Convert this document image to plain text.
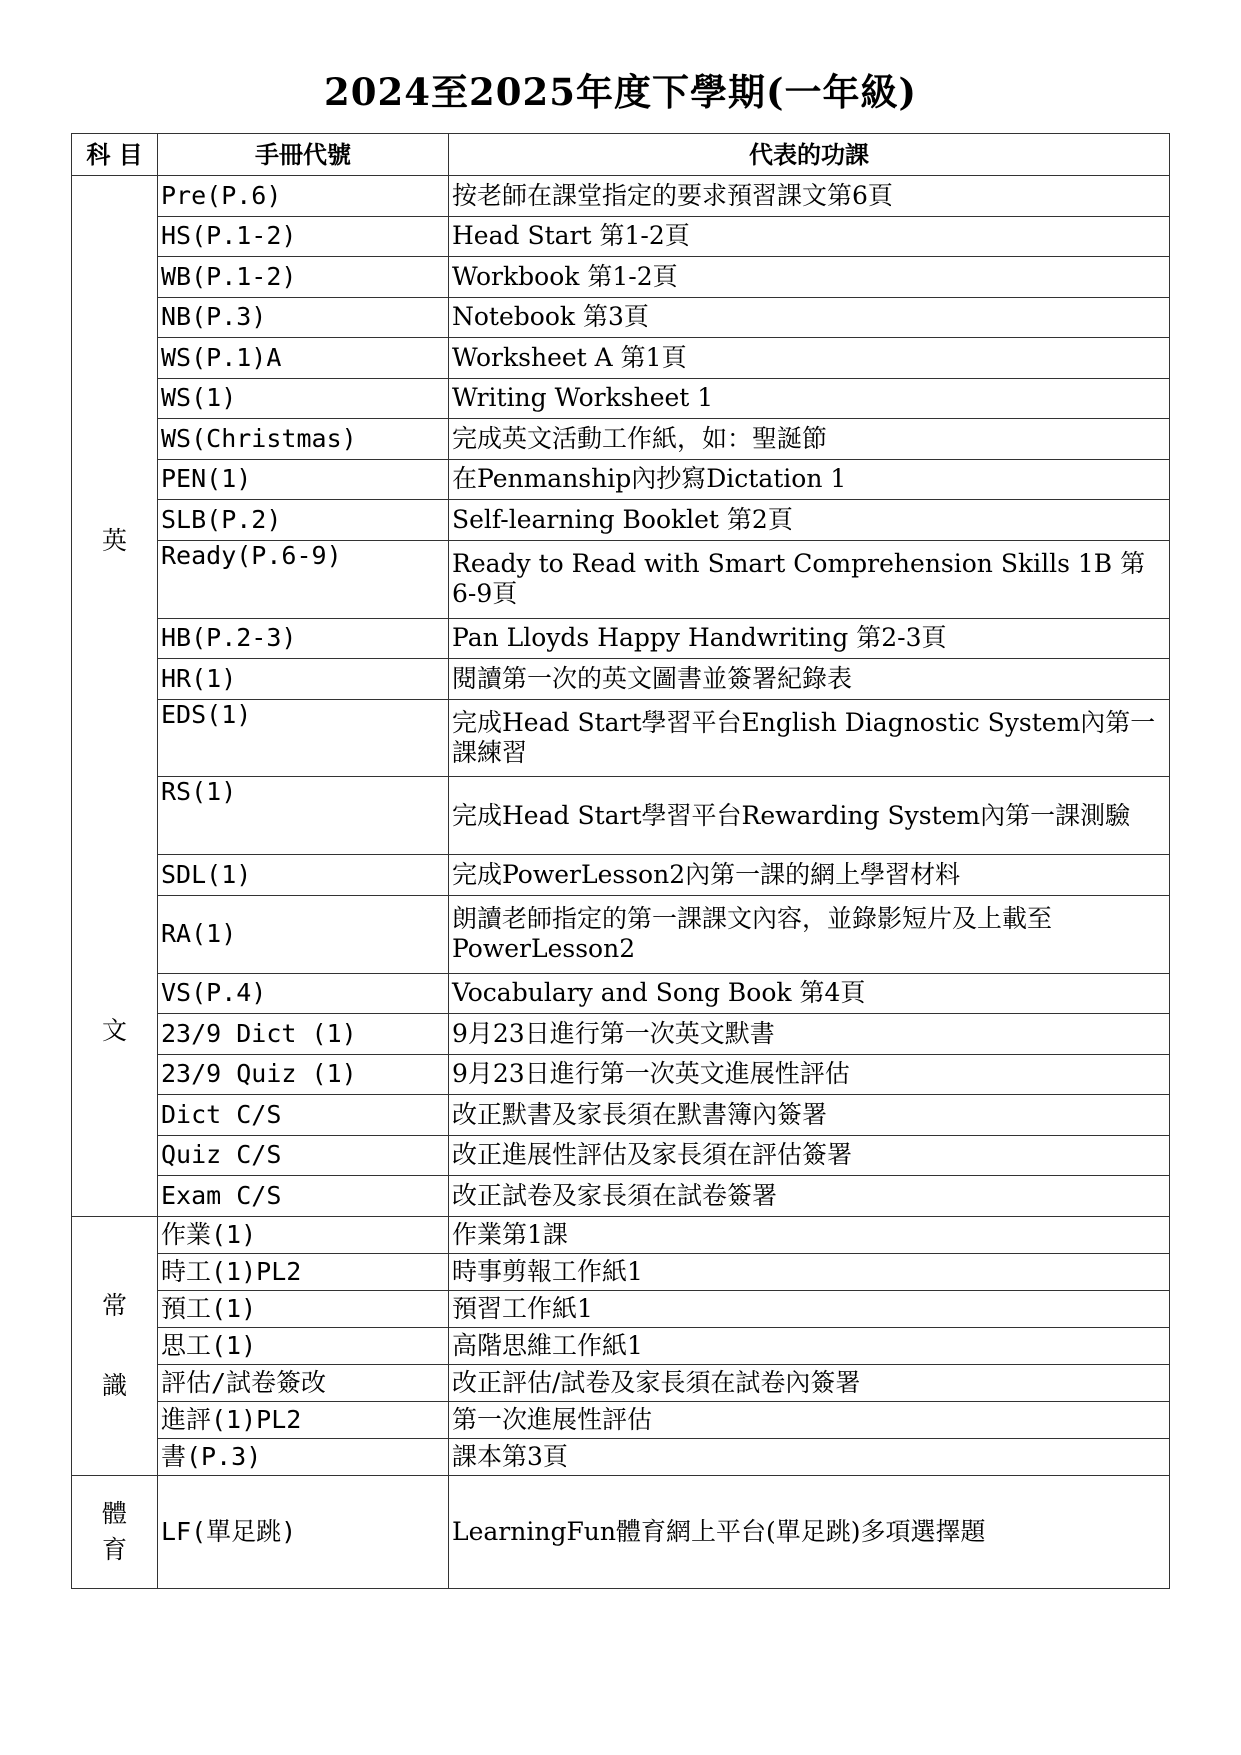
2024至2025年度下學期(一年級)
科 目	手冊代號	代表的功課

英
文	Pre(P.6)	按老師在課堂指定的要求預習課文第6頁
	HS(P.1-2)	Head Start 第1-2頁
	WB(P.1-2)	Workbook 第1-2頁
	NB(P.3)	Notebook 第3頁
	WS(P.1)A	Worksheet A 第1頁
	WS(1)	Writing Worksheet 1
	WS(Christmas)	完成英文活動工作紙，如：聖誕節
	PEN(1)	在Penmanship內抄寫Dictation 1
	SLB(P.2)	Self-learning Booklet 第2頁
	Ready(P.6-9)	Ready to Read with Smart Comprehension Skills 1B 第6-9頁
	HB(P.2-3)	Pan Lloyds Happy Handwriting 第2-3頁
	HR(1)	閱讀第一次的英文圖書並簽署紀錄表
	EDS(1)	完成Head Start學習平台English Diagnostic System內第一課練習
	RS(1)	完成Head Start學習平台Rewarding System內第一課測驗
	SDL(1)	完成PowerLesson2內第一課的網上學習材料
	RA(1)	朗讀老師指定的第一課課文內容，並錄影短片及上載至PowerLesson2
	VS(P.4)	Vocabulary and Song Book 第4頁
	23/9 Dict (1)	9月23日進行第一次英文默書
	23/9 Quiz (1)	9月23日進行第一次英文進展性評估
	Dict C/S	改正默書及家長須在默書簿內簽署
	Quiz C/S	改正進展性評估及家長須在評估簽署
	Exam C/S	改正試卷及家長須在試卷簽署

常
識	作業(1)	作業第1課
	時工(1)PL2	時事剪報工作紙1
	預工(1)	預習工作紙1
	思工(1)	高階思維工作紙1
	評估/試卷簽改	改正評估/試卷及家長須在試卷內簽署
	進評(1)PL2	第一次進展性評估
	書(P.3)	課本第3頁

體
育	LF(單足跳)	LearningFun體育網上平台(單足跳)多項選擇題
